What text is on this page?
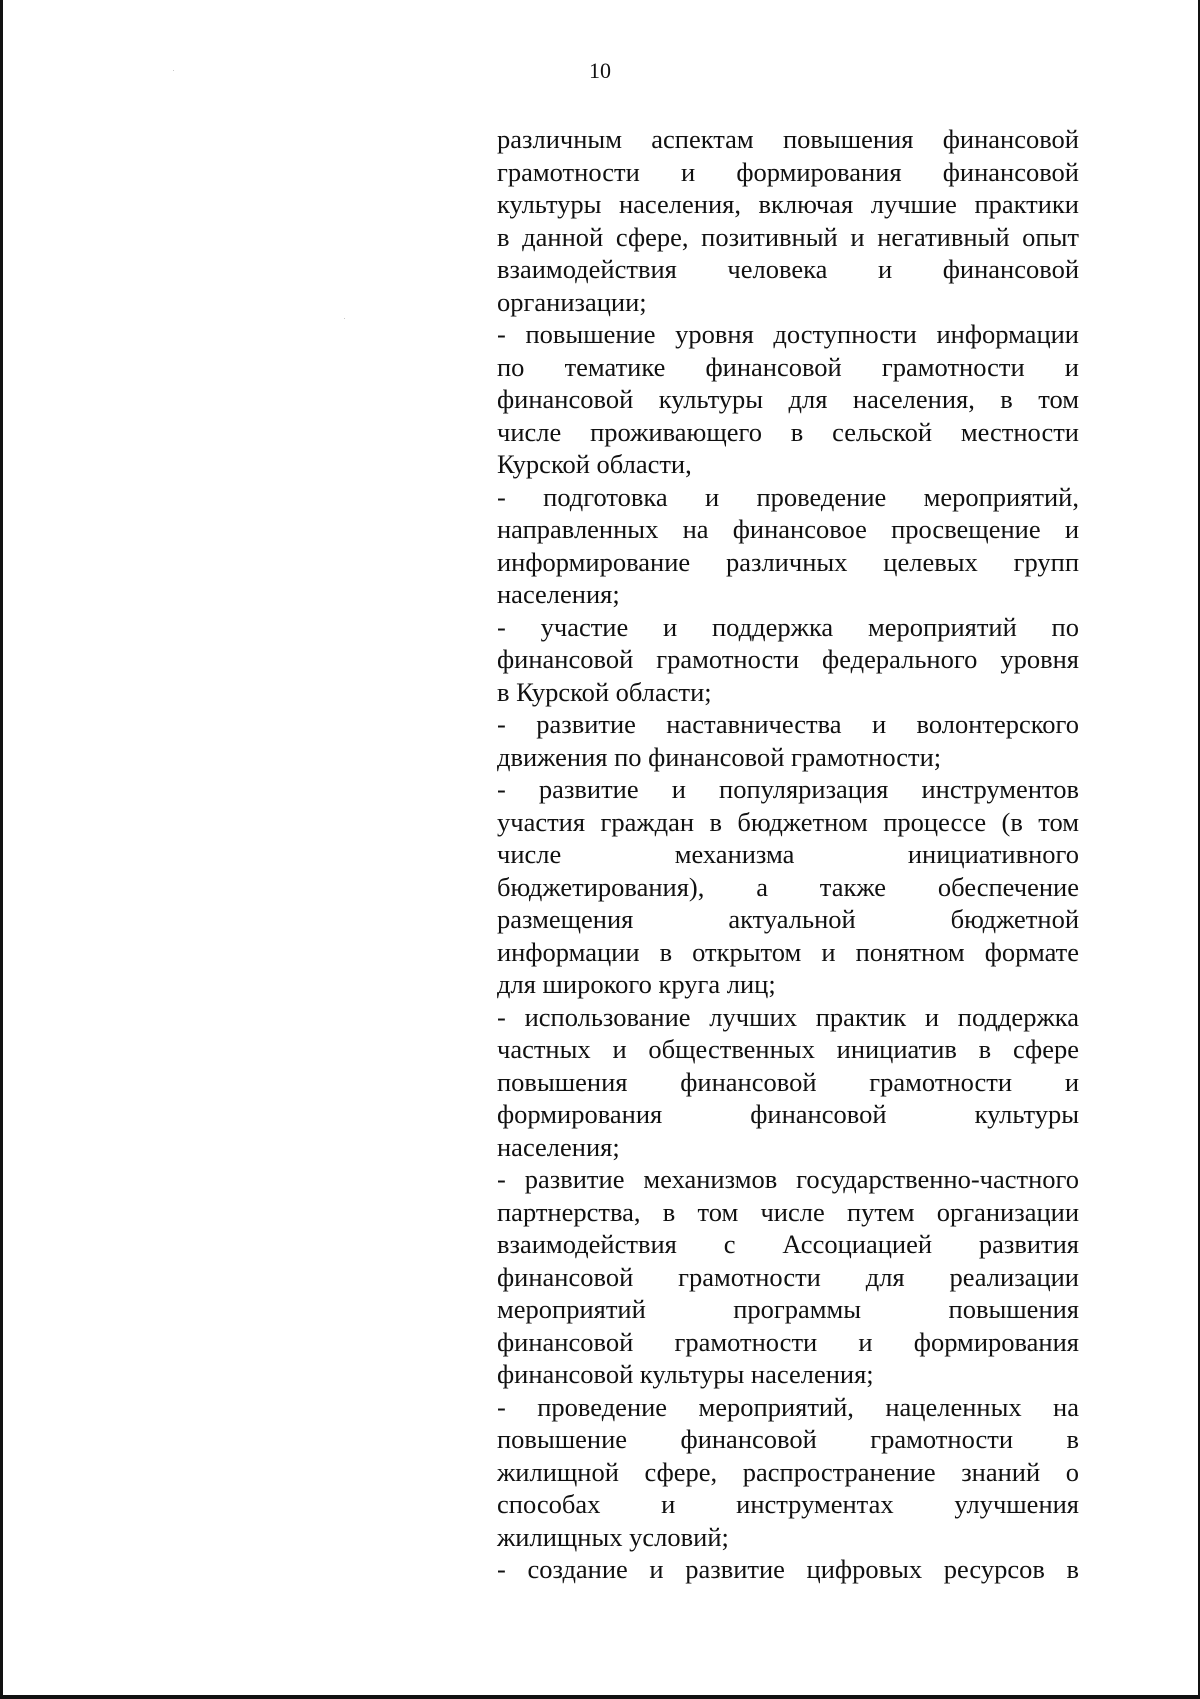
10
различным аспектам повышения финансовой
грамотности и формирования финансовой
культуры населения, включая лучшие практики
в данной сфере, позитивный и негативный опыт
взаимодействия человека и финансовой
организации;
- повышение уровня доступности информации
по тематике финансовой грамотности и
финансовой культуры для населения, в том
числе проживающего в сельской местности
Курской области,
- подготовка и проведение мероприятий,
направленных на финансовое просвещение и
информирование различных целевых групп
населения;
- участие и поддержка мероприятий по
финансовой грамотности федерального уровня
в Курской области;
- развитие наставничества и волонтерского
движения по финансовой грамотности;
- развитие и популяризация инструментов
участия граждан в бюджетном процессе (в том
числе механизма инициативного
бюджетирования), а также обеспечение
размещения актуальной бюджетной
информации в открытом и понятном формате
для широкого круга лиц;
- использование лучших практик и поддержка
частных и общественных инициатив в сфере
повышения финансовой грамотности и
формирования финансовой культуры
населения;
- развитие механизмов государственно-частного
партнерства, в том числе путем организации
взаимодействия с Ассоциацией развития
финансовой грамотности для реализации
мероприятий программы повышения
финансовой грамотности и формирования
финансовой культуры населения;
- проведение мероприятий, нацеленных на
повышение финансовой грамотности в
жилищной сфере, распространение знаний о
способах и инструментах улучшения
жилищных условий;
- создание и развитие цифровых ресурсов в
